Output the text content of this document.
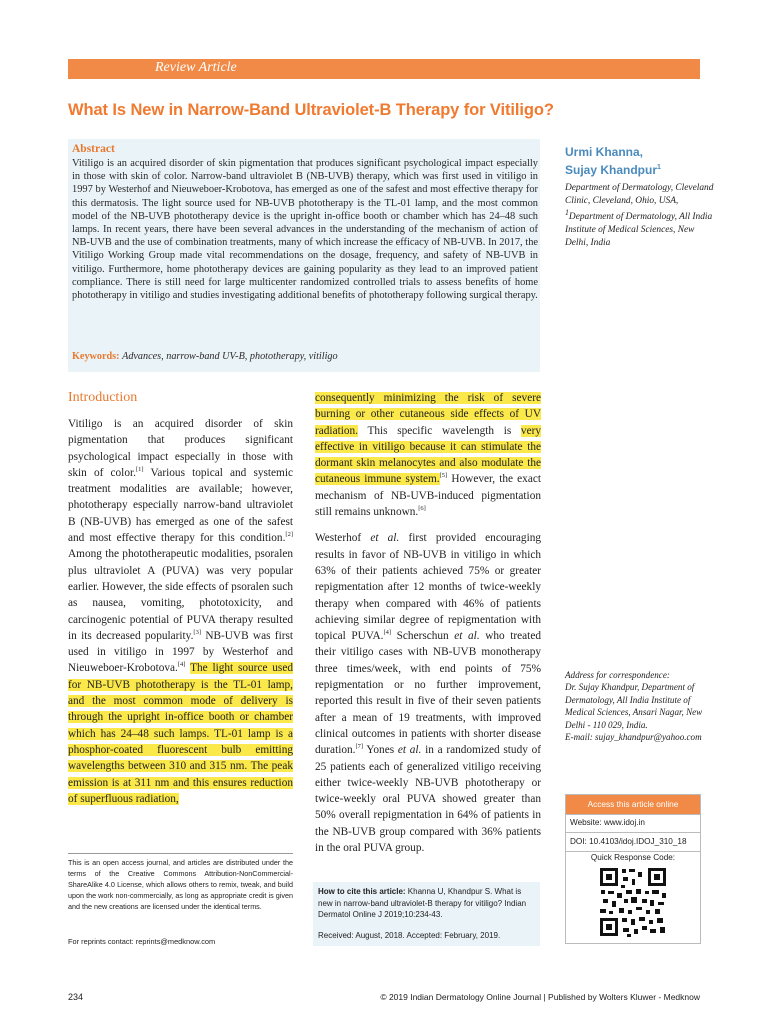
Review Article
What Is New in Narrow-Band Ultraviolet-B Therapy for Vitiligo?
Abstract
Vitiligo is an acquired disorder of skin pigmentation that produces significant psychological impact especially in those with skin of color. Narrow-band ultraviolet B (NB-UVB) therapy, which was first used in vitiligo in 1997 by Westerhof and Nieuweboer-Krobotova, has emerged as one of the safest and most effective therapy for this dermatosis. The light source used for NB-UVB phototherapy is the TL-01 lamp, and the most common model of the NB-UVB phototherapy device is the upright in-office booth or chamber which has 24–48 such lamps. In recent years, there have been several advances in the understanding of the mechanism of action of NB-UVB and the use of combination treatments, many of which increase the efficacy of NB-UVB. In 2017, the Vitiligo Working Group made vital recommendations on the dosage, frequency, and safety of NB-UVB in vitiligo. Furthermore, home phototherapy devices are gaining popularity as they lead to an improved patient compliance. There is still need for large multicenter randomized controlled trials to assess benefits of home phototherapy in vitiligo and studies investigating additional benefits of phototherapy following surgical therapy.
Keywords: Advances, narrow-band UV-B, phototherapy, vitiligo
Urmi Khanna,
Sujay Khandpur$^1$
Department of Dermatology, Cleveland Clinic, Cleveland, Ohio, USA, $^1$Department of Dermatology, All India Institute of Medical Sciences, New Delhi, India
Introduction
Vitiligo is an acquired disorder of skin pigmentation that produces significant psychological impact especially in those with skin of color.[1] Various topical and systemic treatment modalities are available; however, phototherapy especially narrow-band ultraviolet B (NB-UVB) has emerged as one of the safest and most effective therapy for this condition.[2] Among the phototherapeutic modalities, psoralen plus ultraviolet A (PUVA) was very popular earlier. However, the side effects of psoralen such as nausea, vomiting, phototoxicity, and carcinogenic potential of PUVA therapy resulted in its decreased popularity.[3] NB-UVB was first used in vitiligo in 1997 by Westerhof and Nieuweboer-Krobotova.[4] The light source used for NB-UVB phototherapy is the TL-01 lamp, and the most common mode of delivery is through the upright in-office booth or chamber which has 24–48 such lamps. TL-01 lamp is a phosphor-coated fluorescent bulb emitting wavelengths between 310 and 315 nm. The peak emission is at 311 nm and this ensures reduction of superfluous radiation,

consequently minimizing the risk of severe burning or other cutaneous side effects of UV radiation. This specific wavelength is very effective in vitiligo because it can stimulate the dormant skin melanocytes and also modulate the cutaneous immune system.[5] However, the exact mechanism of NB-UVB-induced pigmentation still remains unknown.[6]

Westerhof et al. first provided encouraging results in favor of NB-UVB in vitiligo in which 63% of their patients achieved 75% or greater repigmentation after 12 months of twice-weekly therapy when compared with 46% of patients achieving similar degree of repigmentation with topical PUVA.[4] Scherschun et al. who treated their vitiligo cases with NB-UVB monotherapy three times/week, with end points of 75% repigmentation or no further improvement, reported this result in five of their seven patients after a mean of 19 treatments, with improved clinical outcomes in patients with shorter disease duration.[7] Yones et al. in a randomized study of 25 patients each of generalized vitiligo receiving either twice-weekly NB-UVB phototherapy or twice-weekly oral PUVA showed greater than 50% overall repigmentation in 64% of patients in the NB-UVB group compared with 36% patients in the oral PUVA group.

This is an open access journal, and articles are distributed under the terms of the Creative Commons Attribution-NonCommercial-ShareAlike 4.0 License, which allows others to remix, tweak, and build upon the work non-commercially, as long as appropriate credit is given and the new creations are licensed under the identical terms.
For reprints contact: reprints@medknow.com
How to cite this article: Khanna U, Khandpur S. What is new in narrow-band ultraviolet-B therapy for vitiligo? Indian Dermatol Online J 2019;10:234-43.
Received: August, 2018. Accepted: February, 2019.
Address for correspondence:
Dr. Sujay Khandpur, Department of Dermatology, All India Institute of Medical Sciences, Ansari Nagar, New Delhi - 110 029, India.
E-mail: sujay_khandpur@yahoo.com
Access this article online
Website: www.idoj.in
DOI: 10.4103/idoj.IDOJ_310_18
Quick Response Code:
234	© 2019 Indian Dermatology Online Journal | Published by Wolters Kluwer - Medknow
